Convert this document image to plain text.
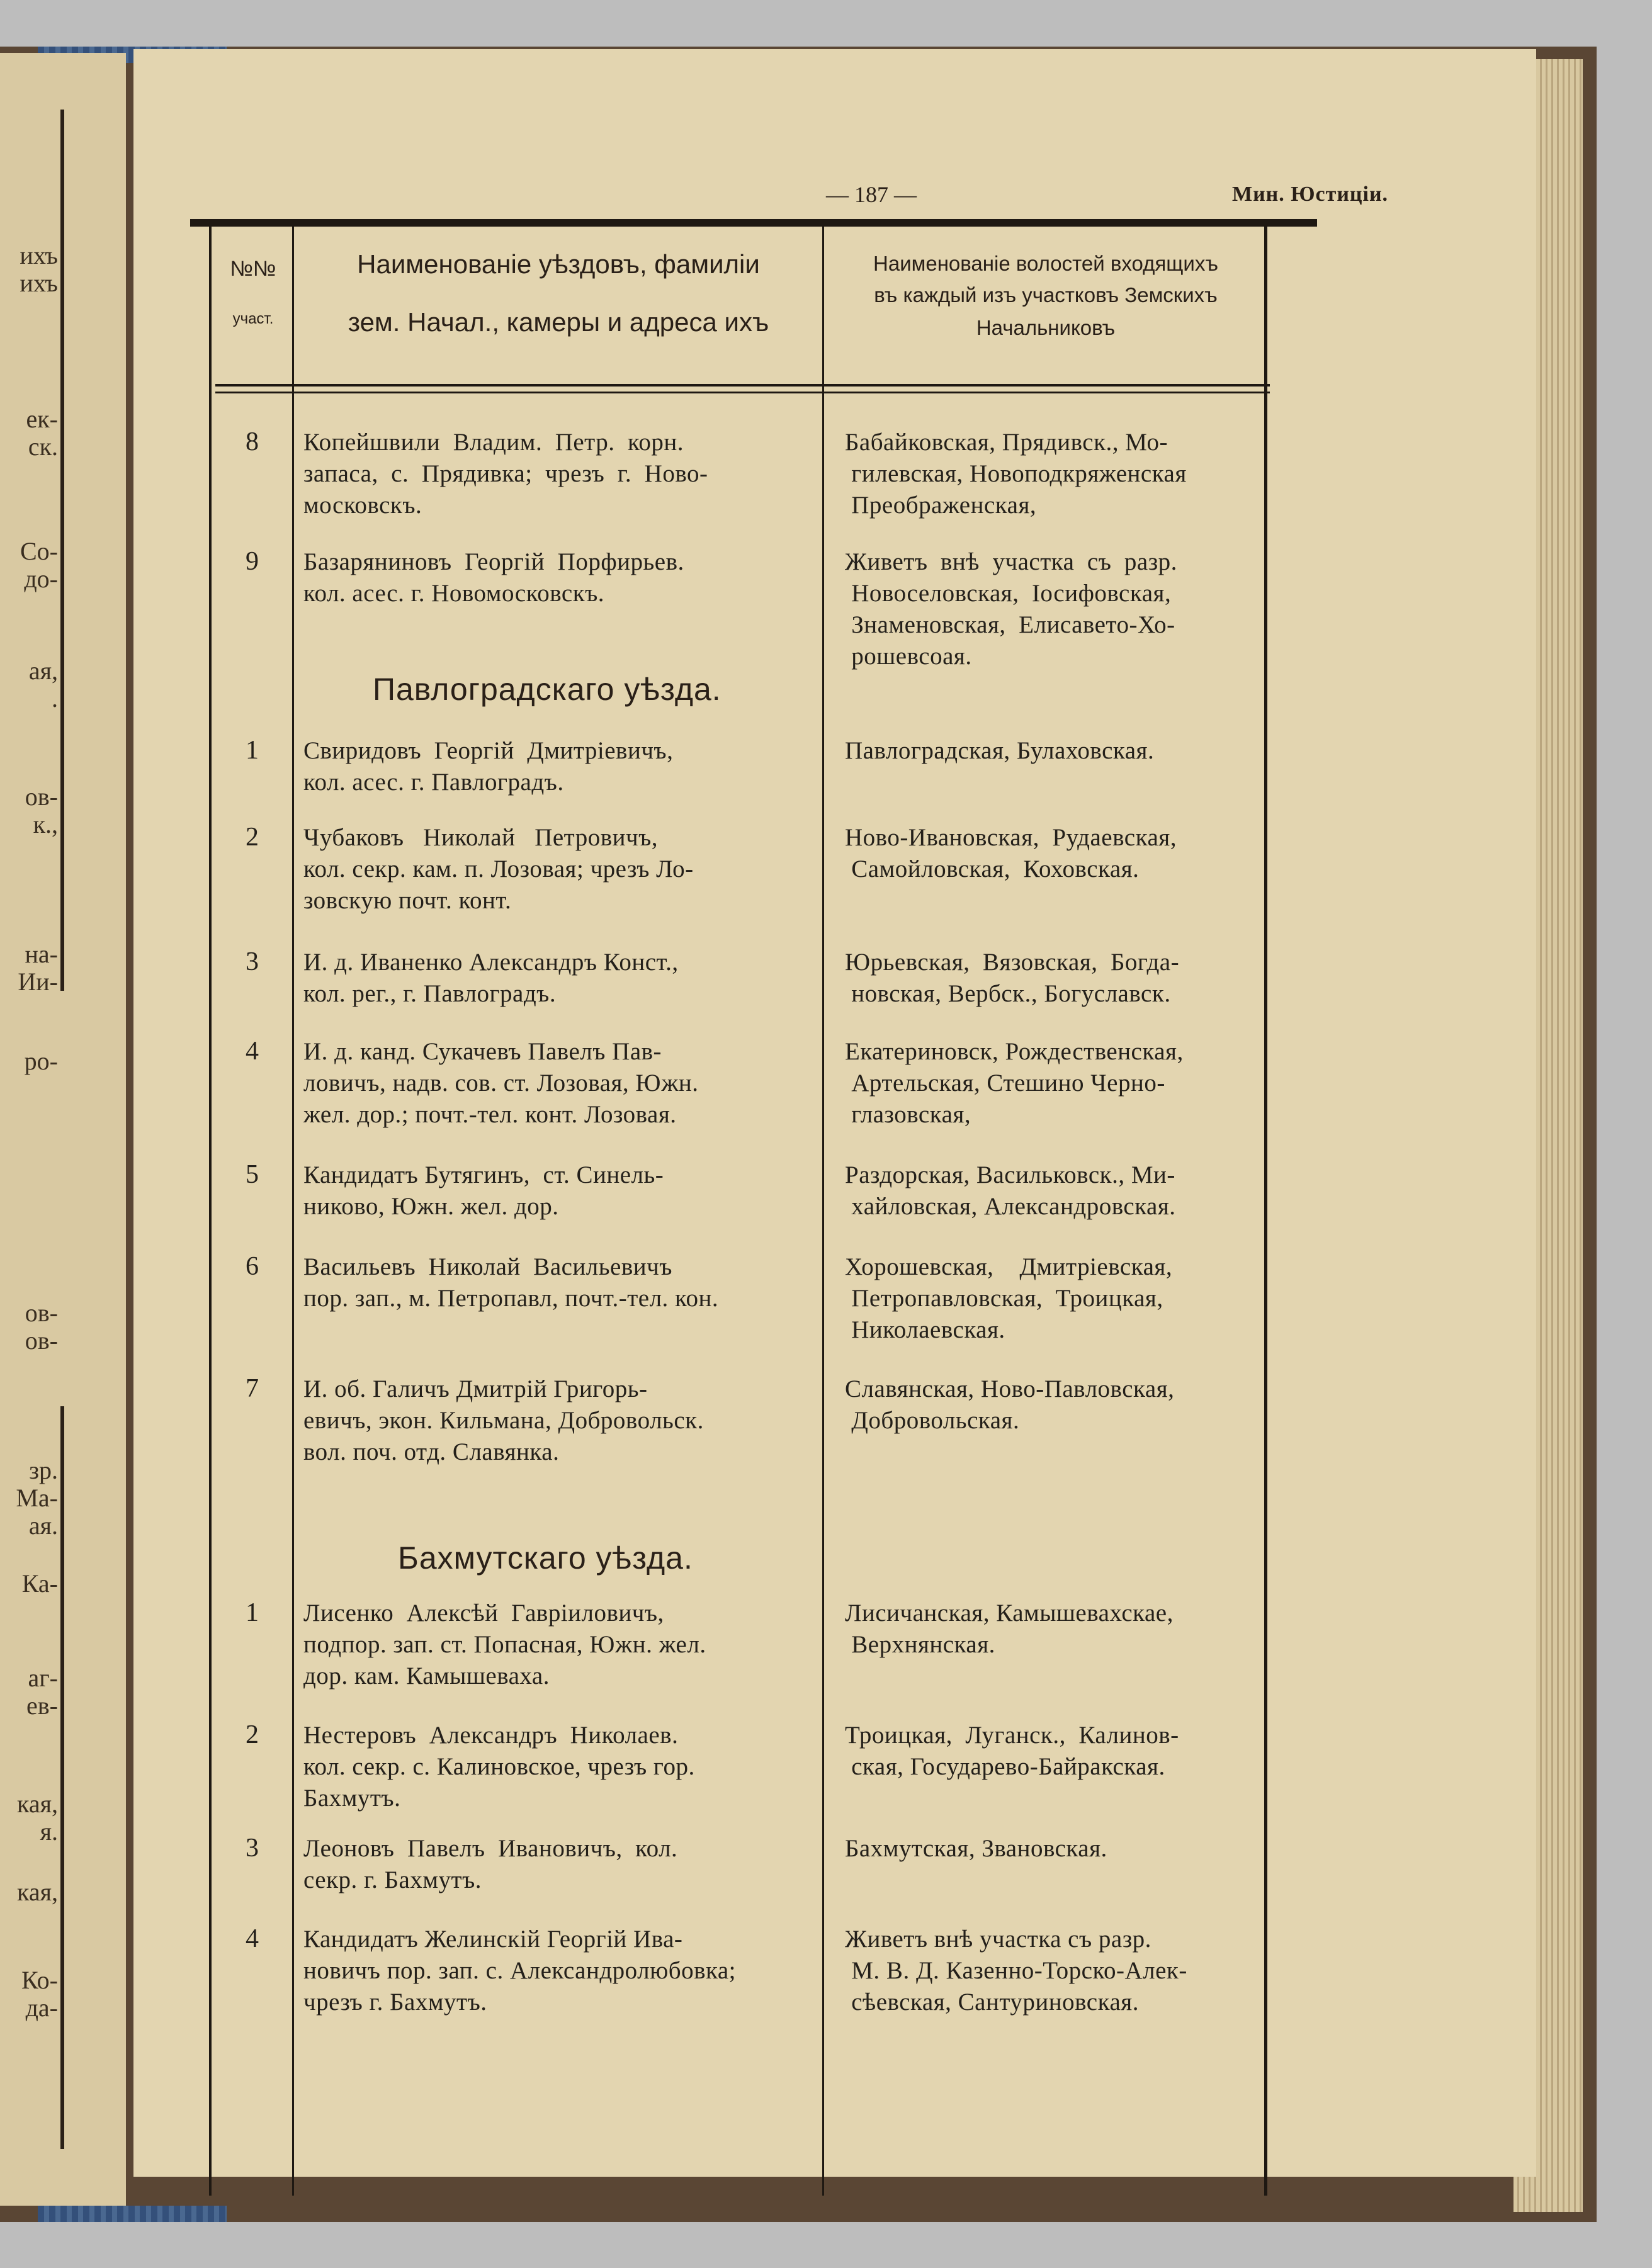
ихъ
ихъ
ек-
ск.
Со-
до-
ая,
.
ов-
к.,
на-
Ии-
ро-
ов-
ов-
зр.
Ма-
ая.
Ка-
аг-
ев-
кая,
я.
кая,
Ко-
да-
— 187 —	Мин. Юстиціи.
№№
участ.
Наименованіе уѣздовъ, фамилiи
зем. Начал., камеры и адреса ихъ
Наименованіе волостей входящихъ
въ каждый изъ участковъ Земскихъ
Начальниковъ
8 Копейшвили  Владим.  Петр.  корн.
запаса,  с.  Прядивка;  чрезъ  г.  Ново-
московскъ.
Бабайковская, Прядивск., Мо-
гилевская, Новоподкряженская
Преображенская,
9 Базаряниновъ  Георгій  Порфирьев.
кол. асес. г. Новомосковскъ.
Живетъ  внѣ  участка  съ  разр.
Новоселовская,  Іосифовская,
Знаменовская,  Елисавето-Хо-
рошевсоая.
Павлоградскаго уѣзда.
1 Свиридовъ  Георгій  Дмитріевичъ,
кол. асес. г. Павлоградъ.
Павлоградская, Булаховская.
2 Чубаковъ   Николай   Петровичъ,
кол. секр. кам. п. Лозовая; чрезъ Ло-
зовскую почт. конт.
Ново-Ивановская,  Рудаевская,
Самойловская,  Коховская.
3 И. д. Иваненко Александръ Конст.,
кол. рег., г. Павлоградъ.
Юрьевская,  Вязовская,  Богда-
новская, Вербск., Богуславск.
4 И. д. канд. Сукачевъ Павелъ Пав-
ловичъ, надв. сов. ст. Лозовая, Южн.
жел. дор.; почт.-тел. конт. Лозовая.
Екатериновск, Рождественская,
Артельская, Стешино Черно-
глазовская,
5 Кандидатъ Бутягинъ,  ст. Синель-
никово, Южн. жел. дор.
Раздорская, Васильковск., Ми-
хайловская, Александровская.
6 Васильевъ  Николай  Васильевичъ
пор. зап., м. Петропавл, почт.-тел. кон.
Хорошевская,    Дмитріевская,
Петропавловская,  Троицкая,
Николаевская.
7 И. об. Галичъ Дмитрій Григорь-
евичъ, экон. Кильмана, Добровольск.
вол. поч. отд. Славянка.
Славянская, Ново-Павловская,
Добровольская.
Бахмутскаго уѣзда.
1 Лисенко  Алексѣй  Гавріиловичъ,
подпор. зап. ст. Попасная, Южн. жел.
дор. кам. Камышеваха.
Лисичанская, Камышевахскае,
Верхнянская.
2 Нестеровъ  Александръ  Николаев.
кол. секр. с. Калиновское, чрезъ гор.
Бахмутъ.
Троицкая,  Луганск.,  Калинов-
ская, Государево-Байракская.
3 Леоновъ  Павелъ  Ивановичъ,  кол.
секр. г. Бахмутъ.
Бахмутская, Звановская.
4 Кандидатъ Желинскій Георгій Ива-
новичъ пор. зап. с. Александролюбовка;
чрезъ г. Бахмутъ.
Живетъ внѣ участка съ разр.
М. В. Д. Казенно-Торско-Алек-
сѣевская, Сантуриновская.
